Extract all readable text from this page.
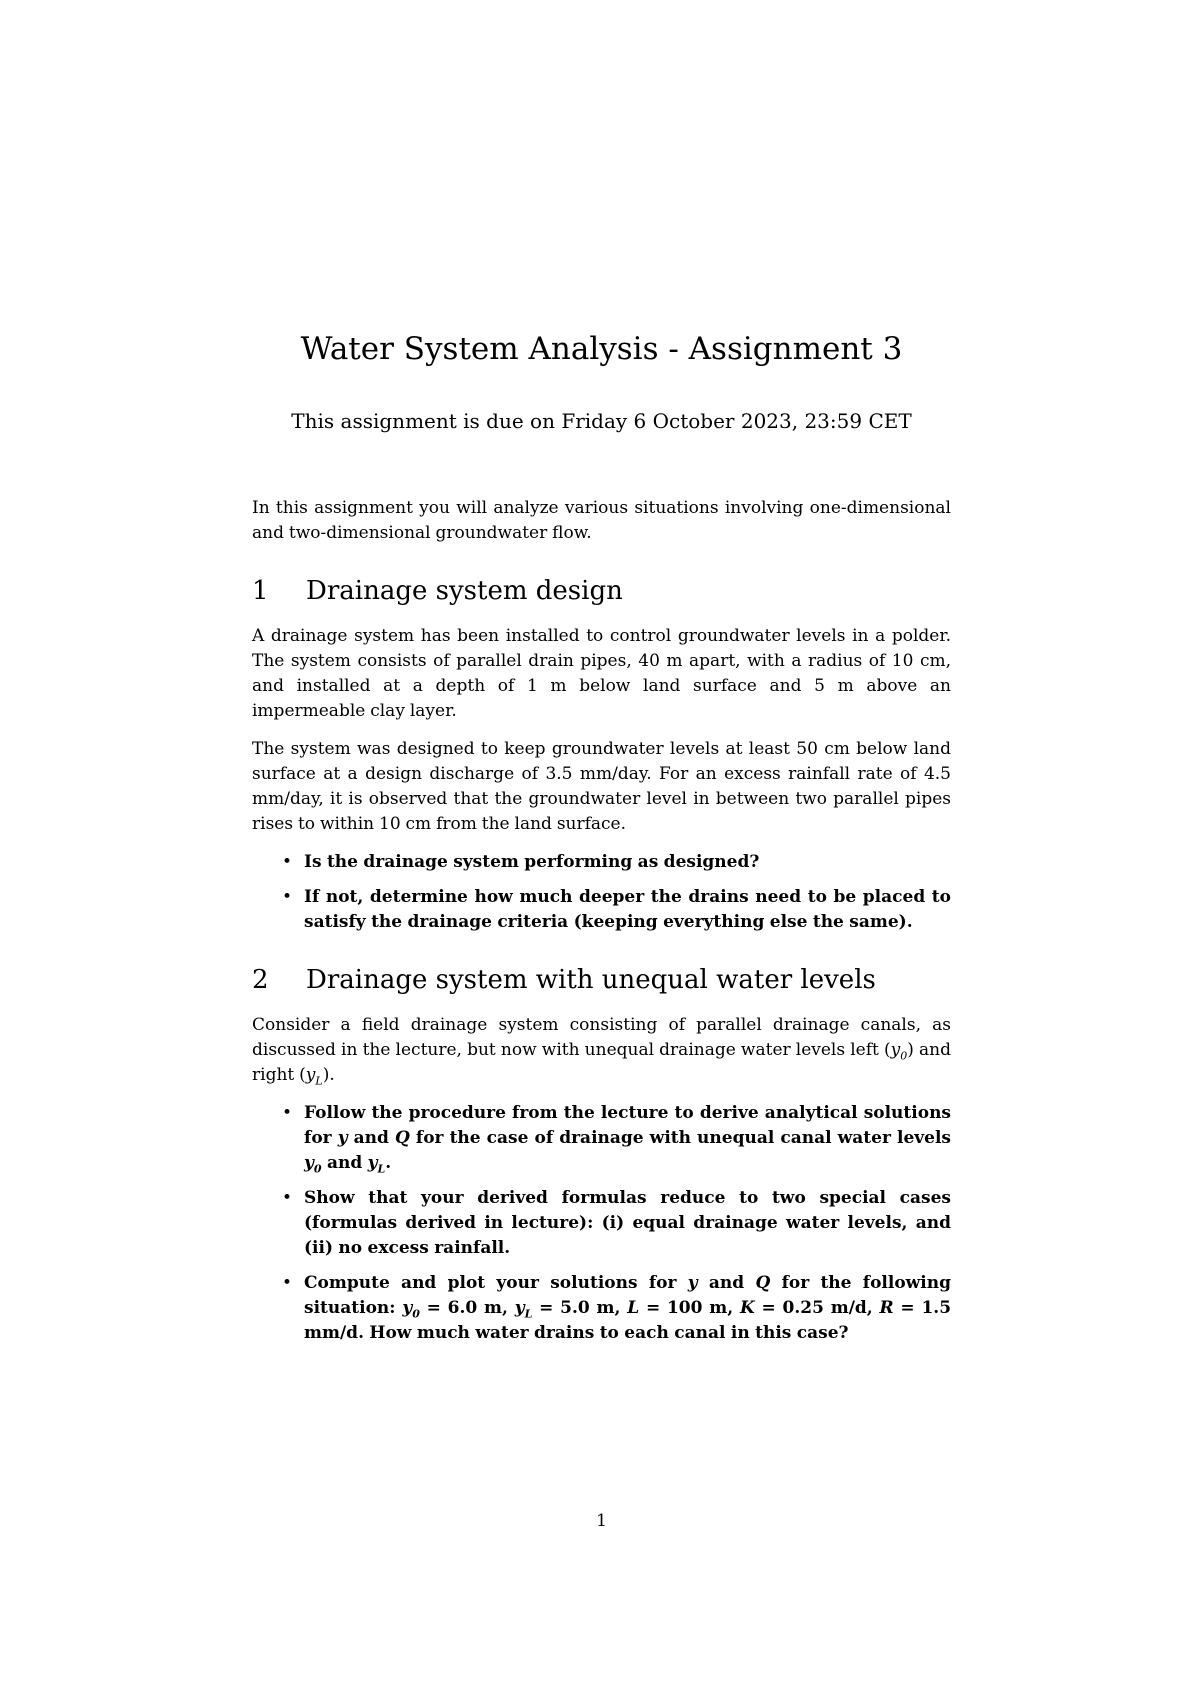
Water System Analysis - Assignment 3
This assignment is due on Friday 6 October 2023, 23:59 CET

In this assignment you will analyze various situations involving one-dimensional and two-dimensional groundwater flow.

1 Drainage system design

A drainage system has been installed to control groundwater levels in a polder. The system consists of parallel drain pipes, 40 m apart, with a radius of 10 cm, and installed at a depth of 1 m below land surface and 5 m above an impermeable clay layer.

The system was designed to keep groundwater levels at least 50 cm below land surface at a design discharge of 3.5 mm/day. For an excess rainfall rate of 4.5 mm/day, it is observed that the groundwater level in between two parallel pipes rises to within 10 cm from the land surface.

• Is the drainage system performing as designed?
• If not, determine how much deeper the drains need to be placed to satisfy the drainage criteria (keeping everything else the same).
2 Drainage system with unequal water levels

Consider a field drainage system consisting of parallel drainage canals, as discussed in the lecture, but now with unequal drainage water levels left $(y_0)$ and right $(y_L)$.

• Follow the procedure from the lecture to derive analytical solutions for y and Q for the case of drainage with unequal canal water levels $y_0$ and $y_L$.
• Show that your derived formulas reduce to two special cases (formulas derived in lecture): (i) equal drainage water levels, and (ii) no excess rainfall.
• Compute and plot your solutions for y and Q for the following situation: $y_0 = 6.0$ m, $y_L = 5.0$ m, L = 100 m, K = 0.25 m/d, R = 1.5 mm/d. How much water drains to each canal in this case?
1
